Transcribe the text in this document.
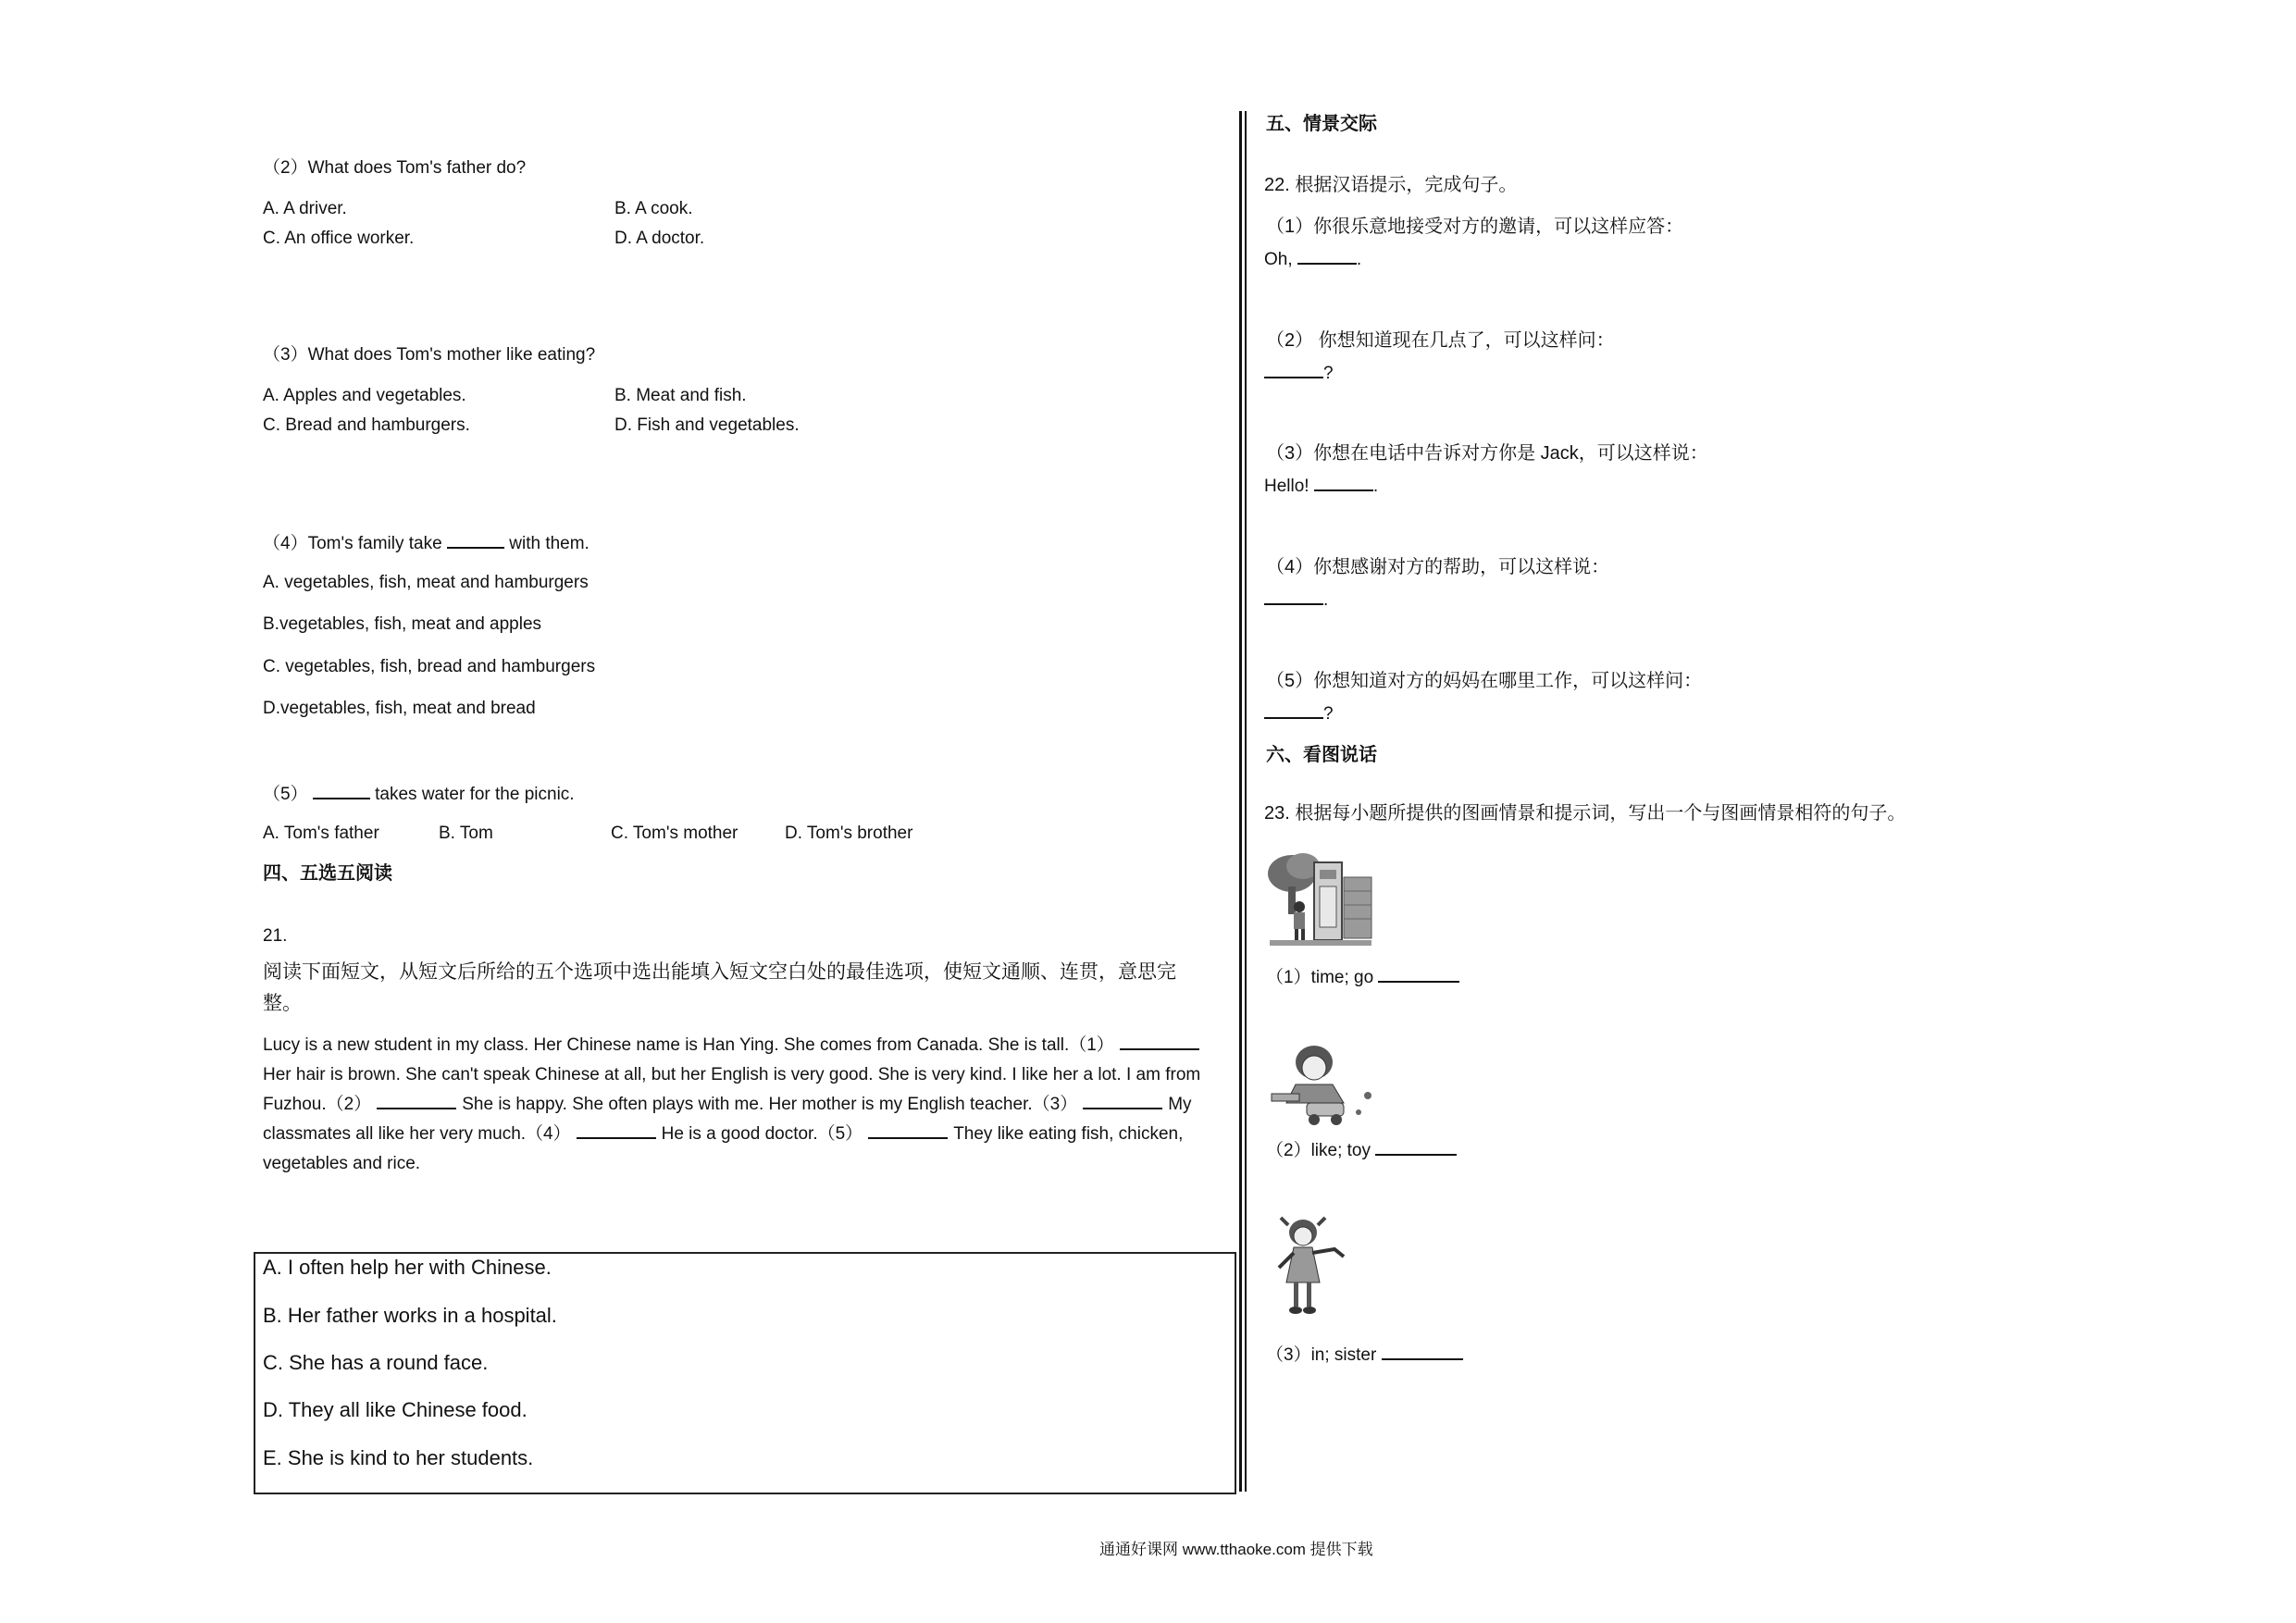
（2）What does Tom's father do?
A. A driver.	B. A cook.
C. An office worker.	D. A doctor.
（3）What does Tom's mother like eating?
A. Apples and vegetables.	B. Meat and fish.
C. Bread and hamburgers.	D. Fish and vegetables.
（4）Tom's family take	with them.
A. vegetables, fish, meat and hamburgers
B.vegetables, fish, meat and apples
C. vegetables, fish, bread and hamburgers
D.vegetables, fish, meat and bread
（5）	takes water for the picnic.
A. Tom's father	B. Tom	C. Tom's mother	D. Tom's brother
四、五选五阅读
21.
阅读下面短文，从短文后所给的五个选项中选出能填入短文空白处的最佳选项，使短文通顺、连贯，意思完
整。
Lucy is a new student in my class. Her Chinese name is Han Ying. She comes from Canada. She is tall.（1）Her hair is brown. She can't speak Chinese at all, but her English is very good. She is very kind. I like her a lot. I am from Fuzhou.（2）	She is happy. She often plays with me. Her mother is my English teacher.（3）	My classmates all like her very much.（4）	He is a good doctor.（5）	They like eating fish, chicken, vegetables and rice.
A. I often help her with Chinese.
B. Her father works in a hospital.
C. She has a round face.
D. They all like Chinese food.
E. She is kind to her students.
五、情景交际
22. 根据汉语提示，完成句子。
（1）你很乐意地接受对方的邀请，可以这样应答：
Oh,	.
（2） 你想知道现在几点了，可以这样问：
?
（3）你想在电话中告诉对方你是 Jack，可以这样说：
Hello!	.
（4）你想感谢对方的帮助，可以这样说：
.
（5）你想知道对方的妈妈在哪里工作，可以这样问：
?
六、看图说话
23. 根据每小题所提供的图画情景和提示词，写出一个与图画情景相符的句子。
（1）time; go
（2）like; toy
（3）in; sister
通通好课网 www.tthaoke.com 提供下载
